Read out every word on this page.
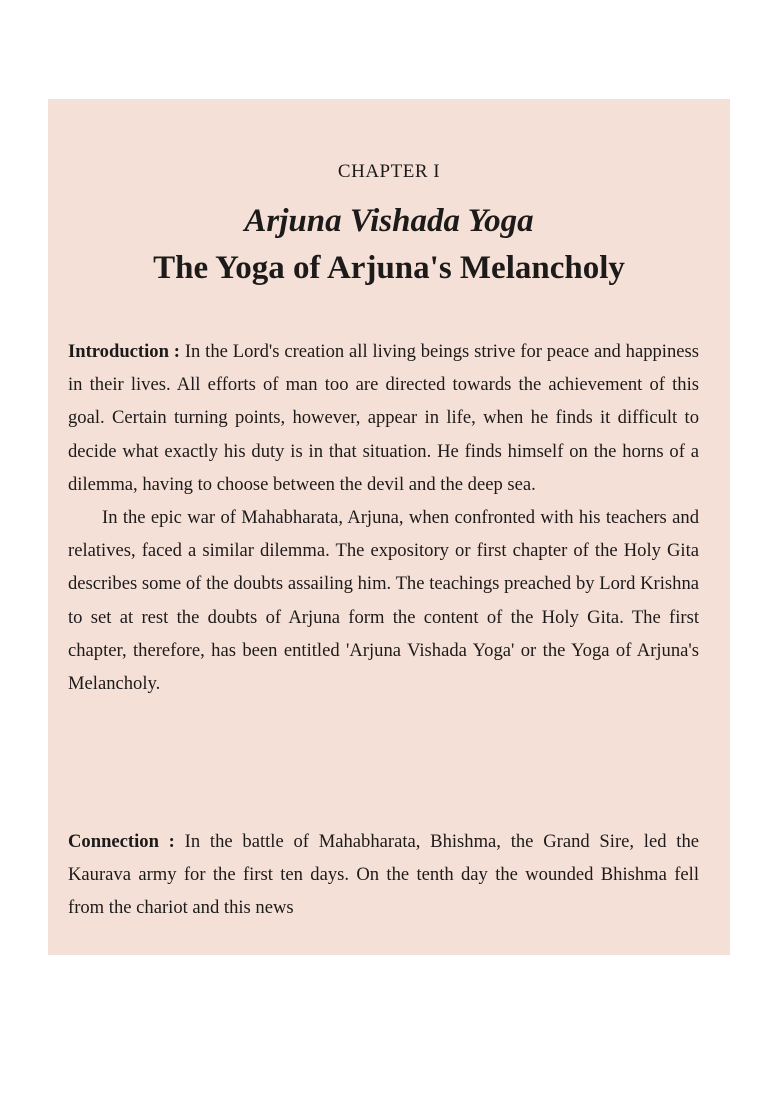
CHAPTER I
Arjuna Vishada Yoga
The Yoga of Arjuna's Melancholy

Introduction : In the Lord's creation all living beings strive for peace and happiness in their lives. All efforts of man too are directed towards the achievement of this goal. Certain turning points, however, appear in life, when he finds it difficult to decide what exactly his duty is in that situation. He finds himself on the horns of a dilemma, having to choose between the devil and the deep sea.

In the epic war of Mahabharata, Arjuna, when confronted with his teachers and relatives, faced a similar dilemma. The expository or first chapter of the Holy Gita describes some of the doubts assailing him. The teachings preached by Lord Krishna to set at rest the doubts of Arjuna form the content of the Holy Gita. The first chapter, therefore, has been entitled 'Arjuna Vishada Yoga' or the Yoga of Arjuna's Melancholy.

Connection : In the battle of Mahabharata, Bhishma, the Grand Sire, led the Kaurava army for the first ten days. On the tenth day the wounded Bhishma fell from the chariot and this news
